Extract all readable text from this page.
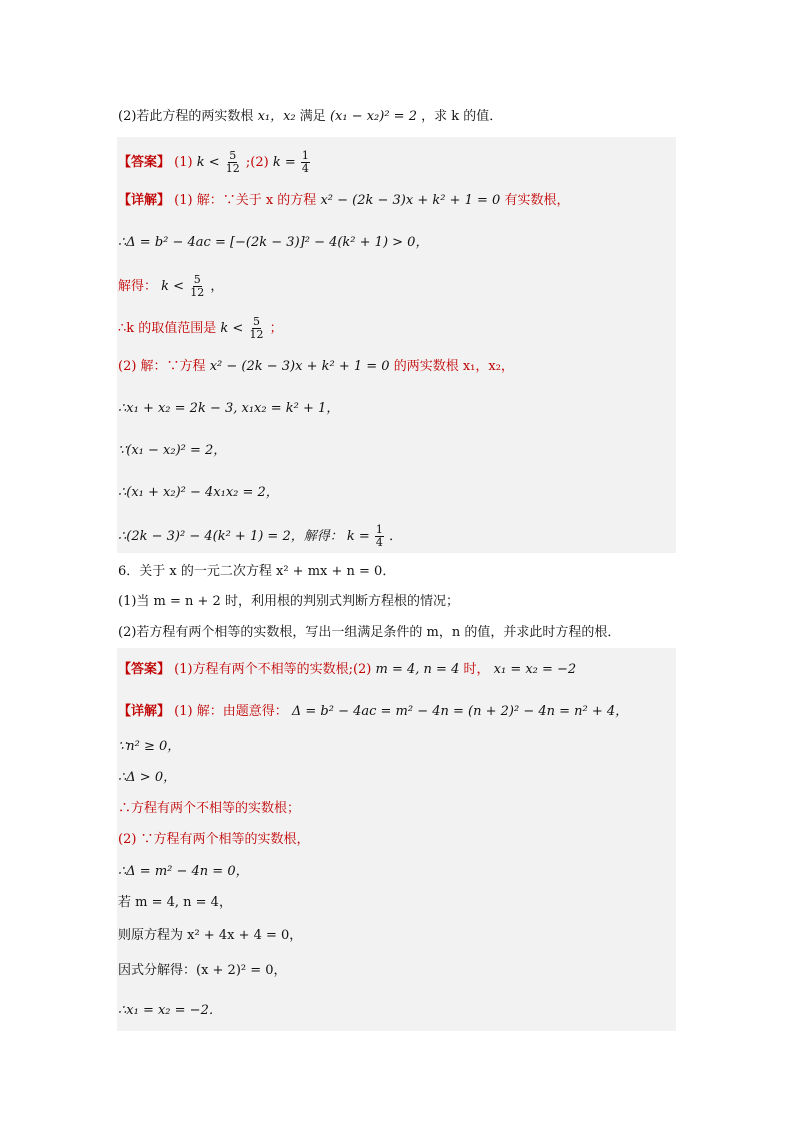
(2)若此方程的两实数根 x₁，x₂ 满足 (x₁ − x₂)² = 2 ，求 k 的值．
【答案】 (1) $k < \frac{5}{12}$ ;(2) $k = \frac{1}{4}$
【详解】 (1) 解：∵关于 x 的方程 x² − (2k − 3)x + k² + 1 = 0 有实数根，
∴Δ = b² − 4ac = [−(2k − 3)]² − 4(k² + 1) > 0，
解得： $k < \frac{5}{12}$ ，
∴k 的取值范围是 $k < \frac{5}{12}$ ；
(2) 解：∵方程 x² − (2k − 3)x + k² + 1 = 0 的两实数根 x₁，x₂，
∴x₁ + x₂ = 2k − 3, x₁x₂ = k² + 1，
∵(x₁ − x₂)² = 2，
∴(x₁ + x₂)² − 4x₁x₂ = 2，
∴(2k − 3)² − 4(k² + 1) = 2，解得： $k = \frac{1}{4}$ ．
6．关于 x 的一元二次方程 x² + mx + n = 0．
(1)当 m = n + 2 时，利用根的判别式判断方程根的情况；
(2)若方程有两个相等的实数根，写出一组满足条件的 m，n 的值，并求此时方程的根．
【答案】 (1)方程有两个不相等的实数根;(2) m = 4, n = 4 时， x₁ = x₂ = −2
【详解】 (1) 解：由题意得： Δ = b² − 4ac = m² − 4n = (n + 2)² − 4n = n² + 4，
∵n² ≥ 0，
∴Δ > 0，
∴方程有两个不相等的实数根；
(2) ∵方程有两个相等的实数根，
∴Δ = m² − 4n = 0，
若 m = 4, n = 4，
则原方程为 x² + 4x + 4 = 0，
因式分解得：(x + 2)² = 0，
∴x₁ = x₂ = −2．
